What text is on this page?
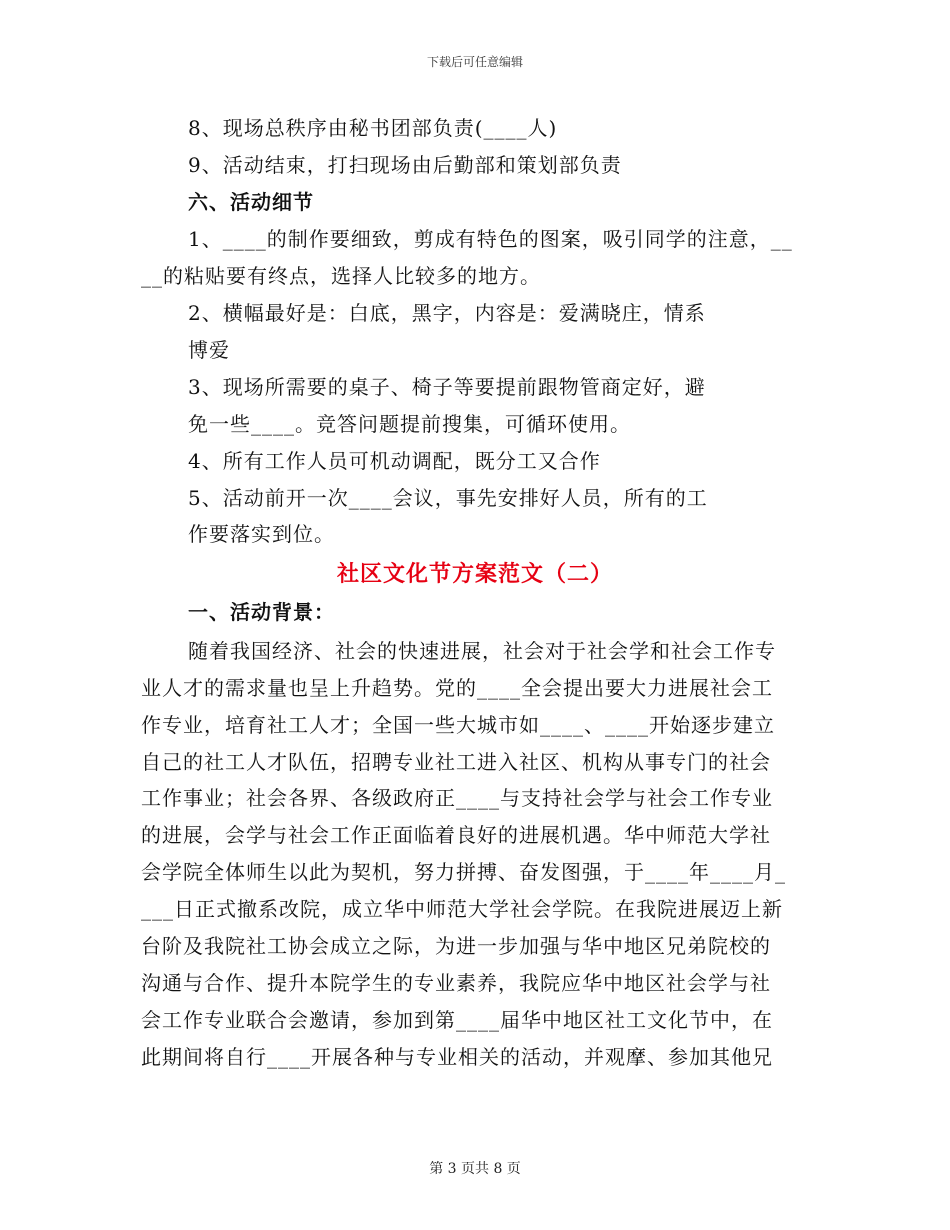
下载后可任意编辑
8、现场总秩序由秘书团部负责(____人)
9、活动结束，打扫现场由后勤部和策划部负责
六、活动细节
1、____的制作要细致，剪成有特色的图案，吸引同学的注意，__
__的粘贴要有终点，选择人比较多的地方。
2、横幅最好是：白底，黑字，内容是：爱满晓庄，情系
博爱
3、现场所需要的桌子、椅子等要提前跟物管商定好，避
免一些____。竞答问题提前搜集，可循环使用。
4、所有工作人员可机动调配，既分工又合作
5、活动前开一次____会议，事先安排好人员，所有的工
作要落实到位。
社区文化节方案范文（二）
一、活动背景：
随着我国经济、社会的快速进展，社会对于社会学和社会工作专
业人才的需求量也呈上升趋势。党的____全会提出要大力进展社会工
作专业，培育社工人才；全国一些大城市如____、____开始逐步建立
自己的社工人才队伍，招聘专业社工进入社区、机构从事专门的社会
工作事业；社会各界、各级政府正____与支持社会学与社会工作专业
的进展，会学与社会工作正面临着良好的进展机遇。华中师范大学社
会学院全体师生以此为契机，努力拼搏、奋发图强，于____年____月_
___日正式撤系改院，成立华中师范大学社会学院。在我院进展迈上新
台阶及我院社工协会成立之际，为进一步加强与华中地区兄弟院校的
沟通与合作、提升本院学生的专业素养，我院应华中地区社会学与社
会工作专业联合会邀请，参加到第____届华中地区社工文化节中，在
此期间将自行____开展各种与专业相关的活动，并观摩、参加其他兄
第 3 页共 8 页
